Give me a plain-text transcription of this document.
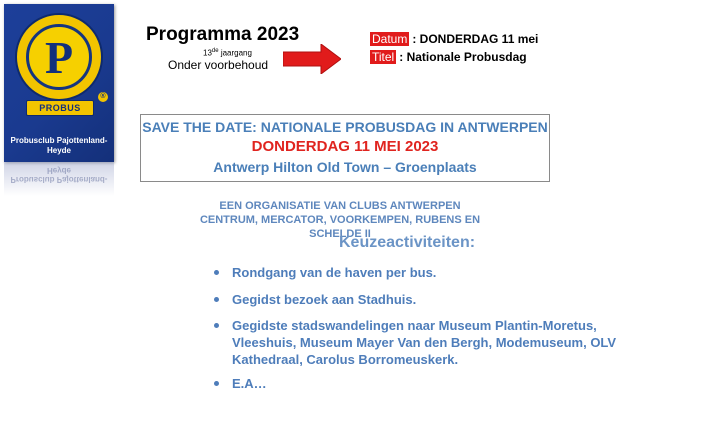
P
PROBUS
®
Probusclub Pajottenland-Heyde
Probusclub Pajottenland-Heyde
Programma 2023
13de jaargang
Onder voorbehoud
Datum : DONDERDAG 11 mei
Titel : Nationale Probusdag
SAVE THE DATE: NATIONALE PROBUSDAG IN ANTWERPEN
DONDERDAG 11 MEI 2023
Antwerp Hilton Old Town – Groenplaats
EEN ORGANISATIE VAN CLUBS ANTWERPEN CENTRUM, MERCATOR, VOORKEMPEN, RUBENS EN SCHELDE II
Keuzeactiviteiten:
Rondgang van de haven per bus.
Gegidst bezoek aan Stadhuis.
Gegidste stadswandelingen naar Museum Plantin-Moretus, Vleeshuis, Museum Mayer Van den Bergh, Modemuseum, OLV Kathedraal, Carolus Borromeuskerk.
E.A…
